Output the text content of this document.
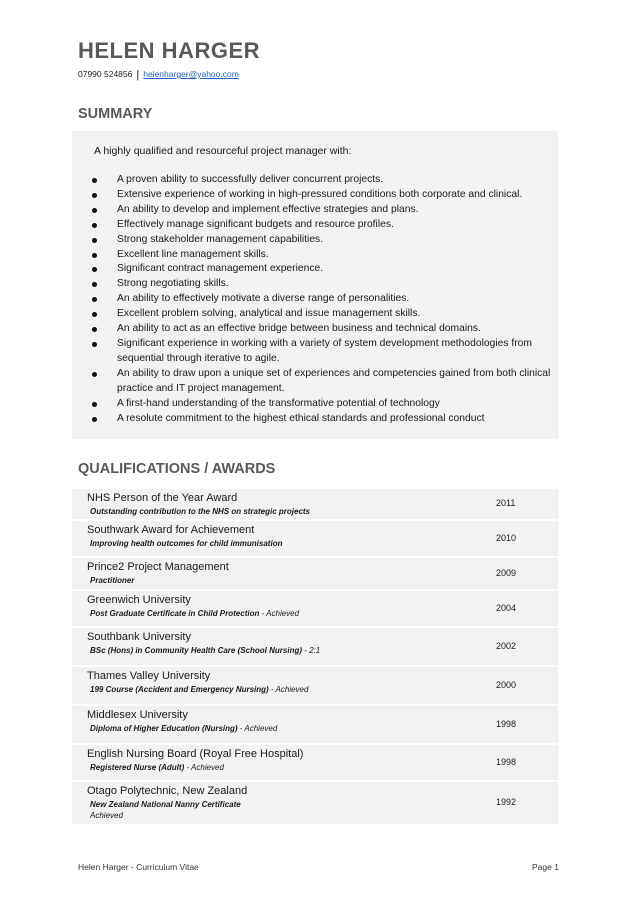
HELEN HARGER
07990 524856 | helenharger@yahoo.com
SUMMARY
A highly qualified and resourceful project manager with:
A proven ability to successfully deliver concurrent projects.
Extensive experience of working in high-pressured conditions both corporate and clinical.
An ability to develop and implement effective strategies and plans.
Effectively manage significant budgets and resource profiles.
Strong stakeholder management capabilities.
Excellent line management skills.
Significant contract management experience.
Strong negotiating skills.
An ability to effectively motivate a diverse range of personalities.
Excellent problem solving, analytical and issue management skills.
An ability to act as an effective bridge between business and technical domains.
Significant experience in working with a variety of system development methodologies from sequential through iterative to agile.
An ability to draw upon a unique set of experiences and competencies gained from both clinical practice and IT project management.
A first-hand understanding of the transformative potential of technology
A resolute commitment to the highest ethical standards and professional conduct
QUALIFICATIONS / AWARDS
NHS Person of the Year Award
Outstanding contribution to the NHS on strategic projects
2011
Southwark Award for Achievement
Improving health outcomes for child immunisation
2010
Prince2 Project Management
Practitioner
2009
Greenwich University
Post Graduate Certificate in Child Protection - Achieved
2004
Southbank University
BSc (Hons) in Community Health Care (School Nursing) - 2:1	2002
Thames Valley University
199 Course (Accident and Emergency Nursing) - Achieved	2000
Middlesex University
Diploma of Higher Education (Nursing) - Achieved	1998
English Nursing Board (Royal Free Hospital)
Registered Nurse (Adult) - Achieved
1998
Otago Polytechnic, New Zealand
New Zealand National Nanny Certificate
Achieved
1992
Helen Harger - Curriculum Vitae	Page 1
